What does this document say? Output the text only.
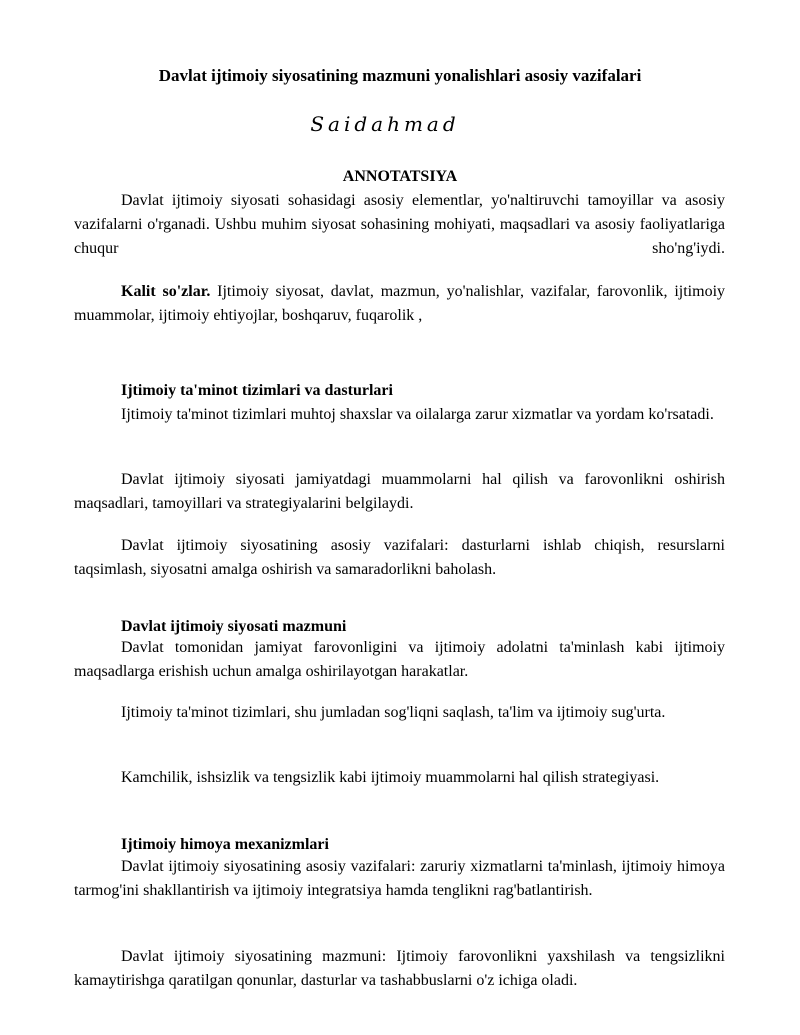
Davlat ijtimoiy siyosatining mazmuni yonalishlari asosiy vazifalari
Saidahmad
ANNOTATSIYA

Davlat ijtimoiy siyosati sohasidagi asosiy elementlar, yo'naltiruvchi tamoyillar va asosiy vazifalarni o'rganadi. Ushbu muhim siyosat sohasining mohiyati, maqsadlari va asosiy faoliyatlariga chuqur sho'ng'iydi.

Kalit so'zlar. Ijtimoiy siyosat, davlat, mazmun, yo'nalishlar, vazifalar, farovonlik, ijtimoiy muammolar, ijtimoiy ehtiyojlar, boshqaruv, fuqarolik ,

Ijtimoiy ta'minot tizimlari va dasturlari

Ijtimoiy ta'minot tizimlari muhtoj shaxslar va oilalarga zarur xizmatlar va yordam ko'rsatadi.

Davlat ijtimoiy siyosati jamiyatdagi muammolarni hal qilish va farovonlikni oshirish maqsadlari, tamoyillari va strategiyalarini belgilaydi.

Davlat ijtimoiy siyosatining asosiy vazifalari: dasturlarni ishlab chiqish, resurslarni taqsimlash, siyosatni amalga oshirish va samaradorlikni baholash.

Davlat ijtimoiy siyosati mazmuni

Davlat tomonidan jamiyat farovonligini va ijtimoiy adolatni ta'minlash kabi ijtimoiy maqsadlarga erishish uchun amalga oshirilayotgan harakatlar.

Ijtimoiy ta'minot tizimlari, shu jumladan sog'liqni saqlash, ta'lim va ijtimoiy sug'urta.

Kamchilik, ishsizlik va tengsizlik kabi ijtimoiy muammolarni hal qilish strategiyasi.

Ijtimoiy himoya mexanizmlari

Davlat ijtimoiy siyosatining asosiy vazifalari: zaruriy xizmatlarni ta'minlash, ijtimoiy himoya tarmog'ini shakllantirish va ijtimoiy integratsiya hamda tenglikni rag'batlantirish.

Davlat ijtimoiy siyosatining mazmuni: Ijtimoiy farovonlikni yaxshilash va tengsizlikni kamaytirishga qaratilgan qonunlar, dasturlar va tashabbuslarni o'z ichiga oladi.
